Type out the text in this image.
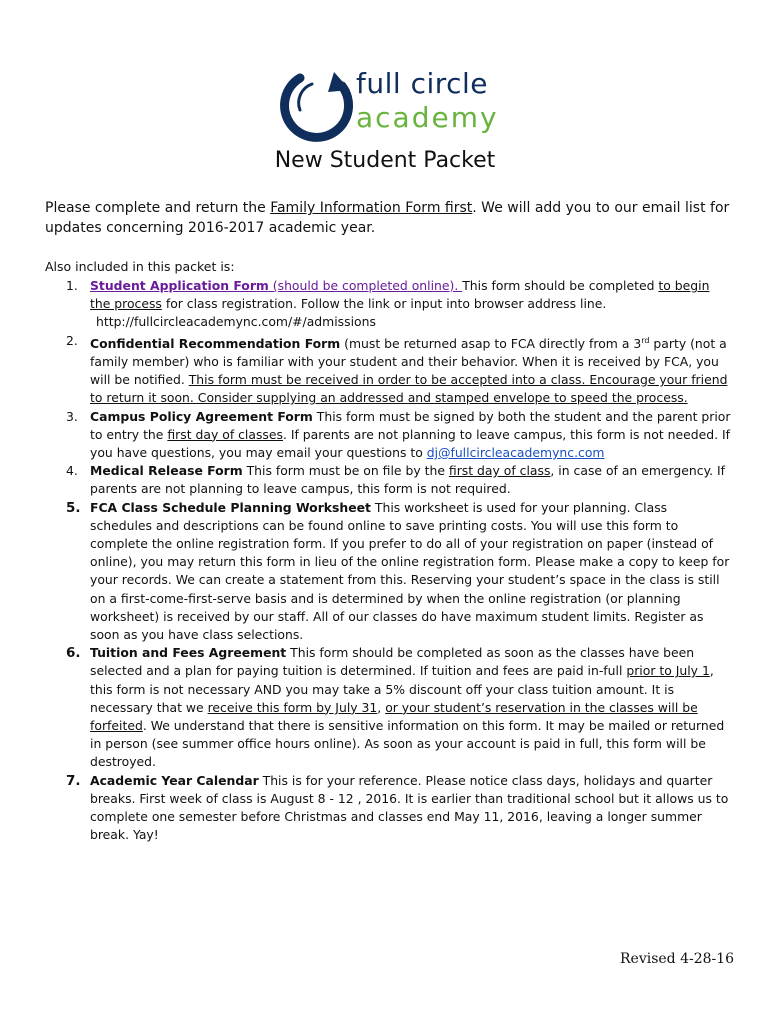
full circle
academy
New Student Packet
Please complete and return the Family Information Form first. We will add you to our email list for updates concerning 2016-2017 academic year.
Also included in this packet is:
1. Student Application Form (should be completed online). This form should be completed to begin the process for class registration. Follow the link or input into browser address line.
http://fullcircleacademync.com/#/admissions
2. Confidential Recommendation Form (must be returned asap to FCA directly from a 3rd party (not a family member) who is familiar with your student and their behavior. When it is received by FCA, you will be notified. This form must be received in order to be accepted into a class. Encourage your friend to return it soon. Consider supplying an addressed and stamped envelope to speed the process.
3. Campus Policy Agreement Form This form must be signed by both the student and the parent prior to entry the first day of classes. If parents are not planning to leave campus, this form is not needed. If you have questions, you may email your questions to dj@fullcircleacademync.com
4. Medical Release Form This form must be on file by the first day of class, in case of an emergency. If parents are not planning to leave campus, this form is not required.
5. FCA Class Schedule Planning Worksheet This worksheet is used for your planning. Class schedules and descriptions can be found online to save printing costs. You will use this form to complete the online registration form. If you prefer to do all of your registration on paper (instead of online), you may return this form in lieu of the online registration form. Please make a copy to keep for your records. We can create a statement from this. Reserving your student’s space in the class is still on a first-come-first-serve basis and is determined by when the online registration (or planning worksheet) is received by our staff. All of our classes do have maximum student limits. Register as soon as you have class selections.
6. Tuition and Fees Agreement This form should be completed as soon as the classes have been selected and a plan for paying tuition is determined. If tuition and fees are paid in-full prior to July 1, this form is not necessary AND you may take a 5% discount off your class tuition amount. It is necessary that we receive this form by July 31, or your student’s reservation in the classes will be forfeited. We understand that there is sensitive information on this form. It may be mailed or returned in person (see summer office hours online). As soon as your account is paid in full, this form will be destroyed.
7. Academic Year Calendar This is for your reference. Please notice class days, holidays and quarter breaks. First week of class is August 8 - 12 , 2016. It is earlier than traditional school but it allows us to complete one semester before Christmas and classes end May 11, 2016, leaving a longer summer break. Yay!
Revised 4-28-16
